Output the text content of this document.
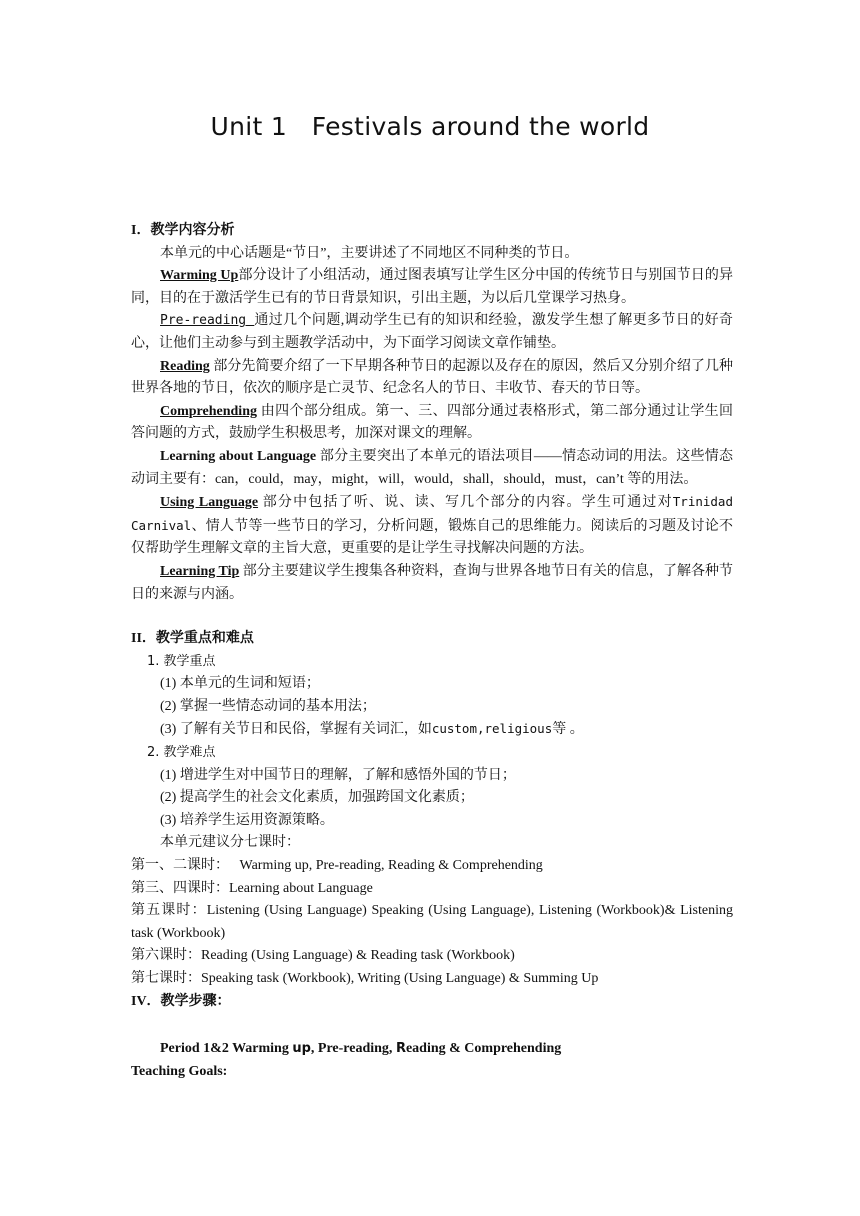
Unit 1   Festivals around the world

I．教学内容分析

本单元的中心话题是“节日”，主要讲述了不同地区不同种类的节日。

Warming Up部分设计了小组活动，通过图表填写让学生区分中国的传统节日与别国节日的异同，目的在于激活学生已有的节日背景知识，引出主题，为以后几堂课学习热身。

Pre-reading 通过几个问题,调动学生已有的知识和经验，激发学生想了解更多节日的好奇心，让他们主动参与到主题教学活动中，为下面学习阅读文章作铺垫。

Reading 部分先简要介绍了一下早期各种节日的起源以及存在的原因，然后又分别介绍了几种世界各地的节日，依次的顺序是亡灵节、纪念名人的节日、丰收节、春天的节日等。

Comprehending 由四个部分组成。第一、三、四部分通过表格形式，第二部分通过让学生回答问题的方式，鼓励学生积极思考，加深对课文的理解。

Learning about Language 部分主要突出了本单元的语法项目——情态动词的用法。这些情态动词主要有：can，could，may，might，will，would，shall，should，must，can’t 等的用法。

Using Language 部分中包括了听、说、读、写几个部分的内容。学生可通过对Trinidad Carnival、情人节等一些节日的学习，分析问题，锻炼自己的思维能力。阅读后的习题及讨论不仅帮助学生理解文章的主旨大意，更重要的是让学生寻找解决问题的方法。

Learning Tip 部分主要建议学生搜集各种资料，查询与世界各地节日有关的信息，了解各种节日的来源与内涵。

II．教学重点和难点

1. 教学重点

(1) 本单元的生词和短语；

(2) 掌握一些情态动词的基本用法；

(3) 了解有关节日和民俗，掌握有关词汇，如custom,religious等 。

2. 教学难点

(1) 增进学生对中国节日的理解，了解和感悟外国的节日；

(2) 提高学生的社会文化素质，加强跨国文化素质；

(3) 培养学生运用资源策略。

本单元建议分七课时：

第一、二课时：   Warming up, Pre-reading, Reading & Comprehending

第三、四课时：Learning about Language

第五课时：Listening (Using Language) Speaking (Using Language), Listening (Workbook)& Listening task (Workbook)

第六课时：Reading (Using Language) & Reading task (Workbook)

第七课时：Speaking task (Workbook), Writing (Using Language) & Summing Up

IV．教学步骤：

Period 1&2 Warming up, Pre-reading, Reading & Comprehending

Teaching Goals:
